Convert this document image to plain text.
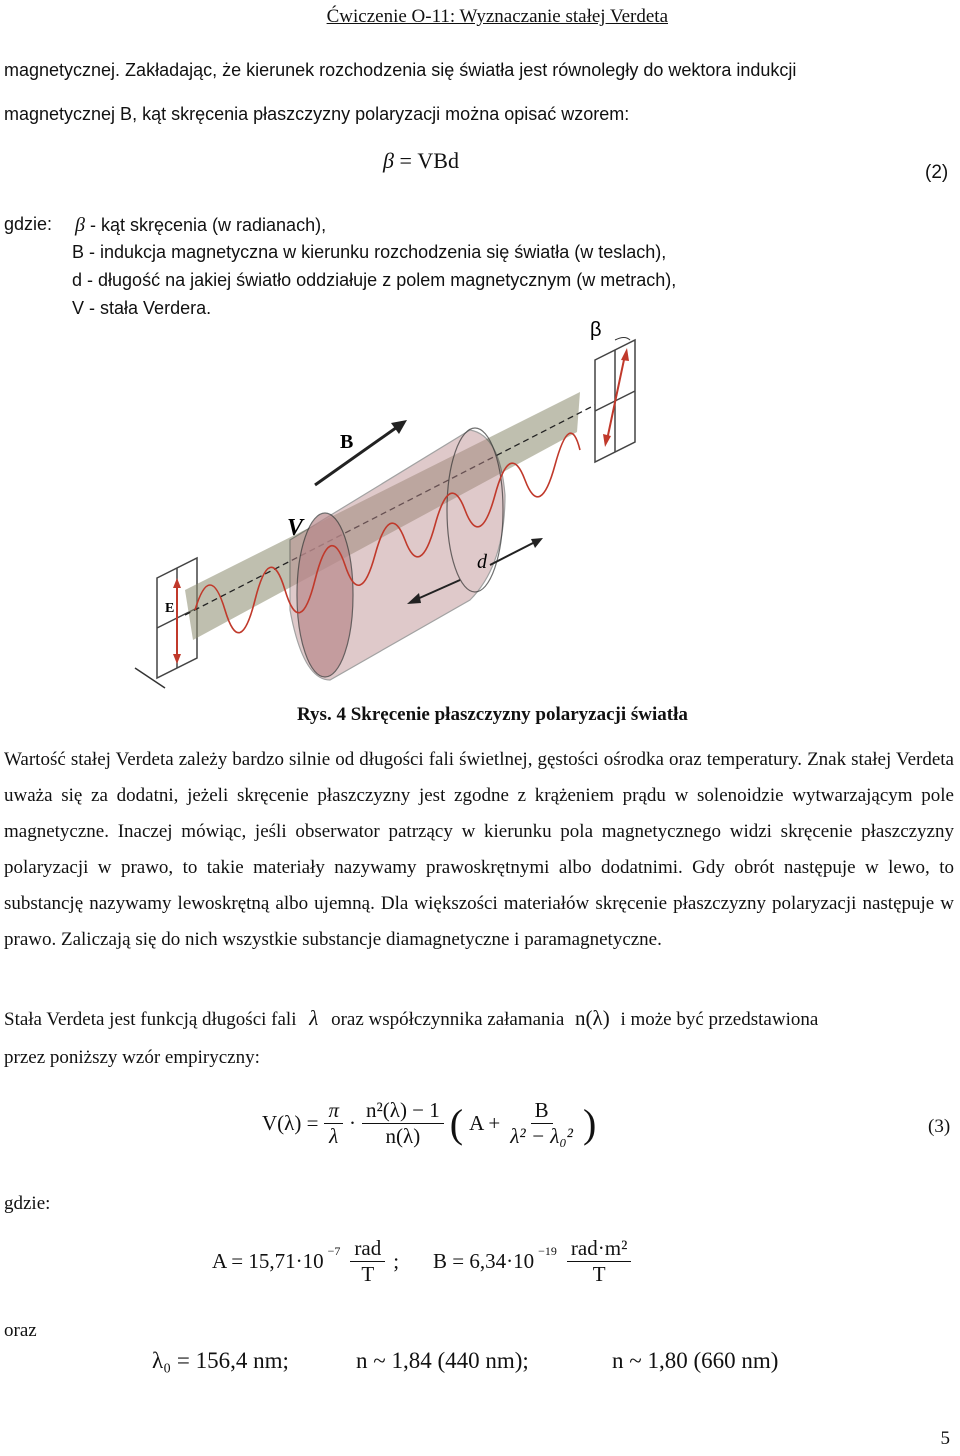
Ćwiczenie O-11: Wyznaczanie stałej Verdeta
magnetycznej. Zakładając, że kierunek rozchodzenia się światła jest równoległy do wektora indukcji
magnetycznej B, kąt skręcenia płaszczyzny polaryzacji można opisać wzorem:
β = VBd	(2)
gdzie: β - kąt skręcenia (w radianach),
B - indukcja magnetyczna w kierunku rozchodzenia się światła (w teslach),
d - długość na jakiej światło oddziałuje z polem magnetycznym (w metrach),
V - stała Verdera.
E
B
V
d
β
Rys. 4 Skręcenie płaszczyzny polaryzacji światła
Wartość stałej Verdeta zależy bardzo silnie od długości fali świetlnej, gęstości ośrodka oraz temperatury. Znak stałej Verdeta uważa się za dodatni, jeżeli skręcenie płaszczyzny jest zgodne z krążeniem prądu w solenoidzie wytwarzającym pole magnetyczne. Inaczej mówiąc, jeśli obserwator patrzący w kierunku pola magnetycznego widzi skręcenie płaszczyzny polaryzacji w prawo, to takie materiały nazywamy prawoskrętnymi albo dodatnimi. Gdy obrót następuje w lewo, to substancję nazywamy lewoskrętną albo ujemną. Dla większości materiałów skręcenie płaszczyzny polaryzacji następuje w prawo. Zaliczają się do nich wszystkie substancje diamagnetyczne i paramagnetyczne.
Stała Verdeta jest funkcją długości fali λ oraz współczynnika załamania n(λ) i może być przedstawiona
przez poniższy wzór empiryczny:
$V(\lambda) = \frac{\pi}{\lambda} \cdot \frac{\text{n²(λ) − 1}}{n(\lambda)}$ ( $A + \frac{B}{\text{λ² − λ₀²}}$ )	(3)
gdzie:
A = 15,71·10 $^{-7} \frac{\text{rad}}{T}$ ; B = 6,34·10 $^{-19} \frac{\text{rad·m²}}{T}$
oraz
λ₀ = 156,4 nm;	n ~ 1,84 (440 nm);	n ~ 1,80 (660 nm)
5
